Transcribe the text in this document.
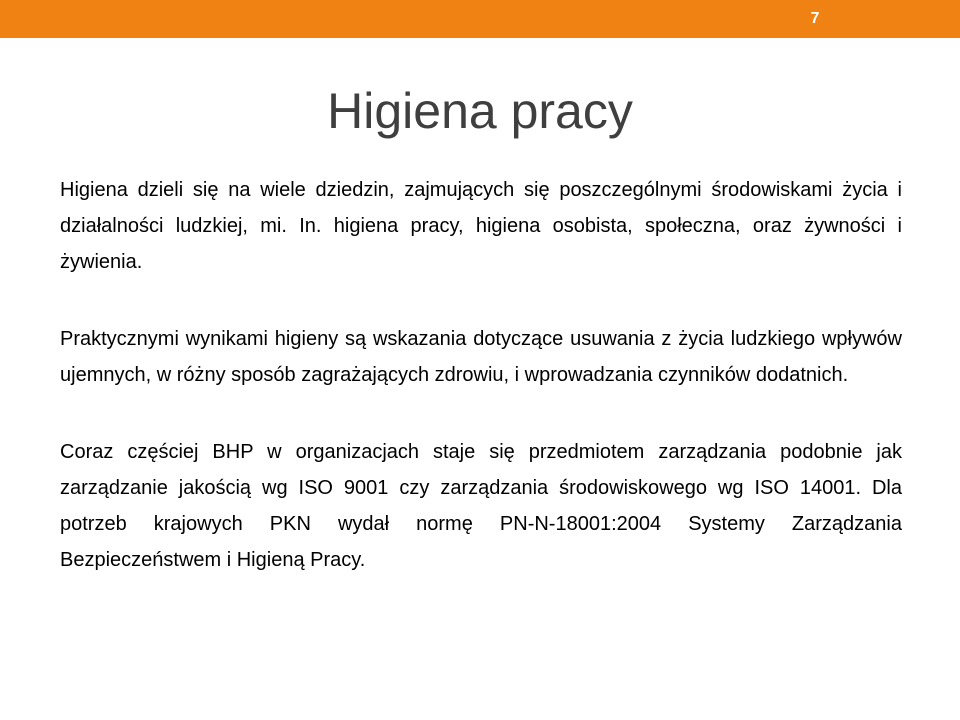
7
Higiena pracy

Higiena dzieli się na wiele dziedzin, zajmujących się poszczególnymi środowiskami życia i działalności ludzkiej, mi. In. higiena pracy, higiena osobista, społeczna, oraz żywności i żywienia.

Praktycznymi wynikami higieny są wskazania dotyczące usuwania z życia ludzkiego wpływów ujemnych, w różny sposób zagrażających zdrowiu, i wprowadzania czynników dodatnich.

Coraz częściej BHP w organizacjach staje się przedmiotem zarządzania podobnie jak zarządzanie jakością wg ISO 9001 czy zarządzania środowiskowego wg ISO 14001. Dla potrzeb krajowych PKN wydał normę PN-N-18001:2004 Systemy Zarządzania Bezpieczeństwem i Higieną Pracy.
